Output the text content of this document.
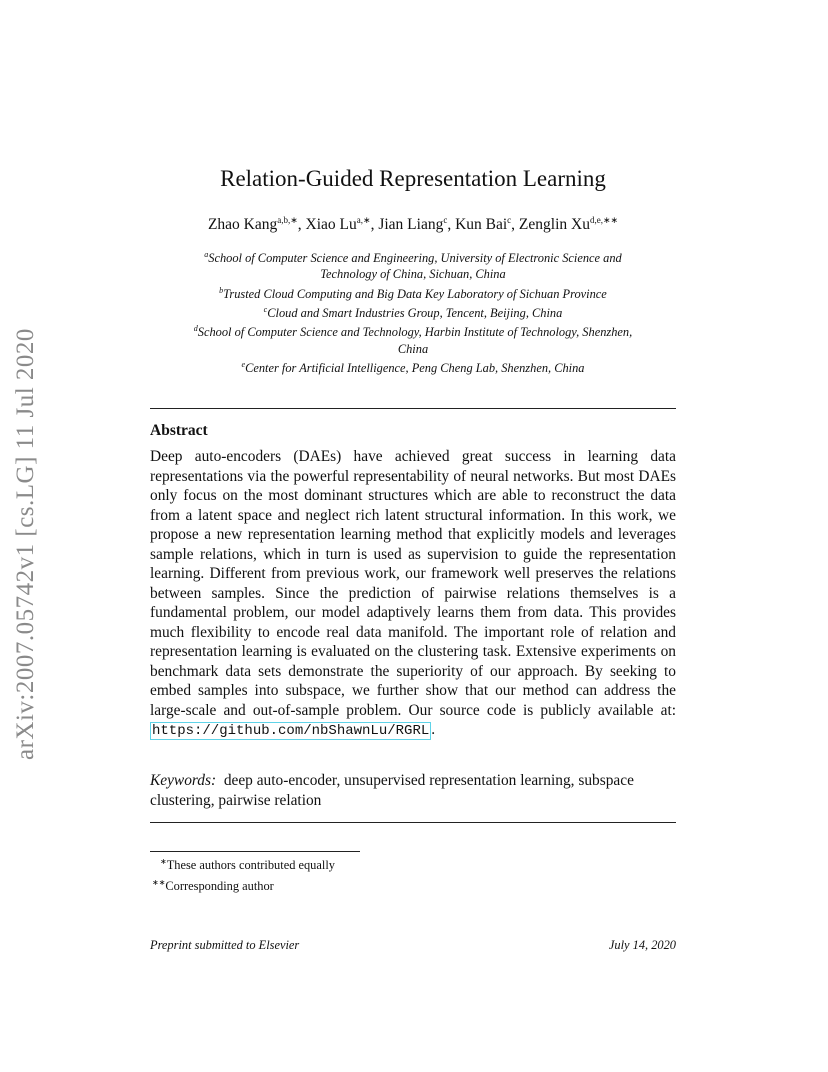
arXiv:2007.05742v1 [cs.LG] 11 Jul 2020
Relation-Guided Representation Learning
Zhao Kang$^{a,b,∗}$, Xiao $Lu^{a,∗}$, Jian Liang$^c$, Kun Bai$^c$, Zenglin $Xu^{d,e,∗∗}$
$^a$School of Computer Science and Engineering, University of Electronic Science and
Technology of China, Sichuan, China
$^b$Trusted Cloud Computing and Big Data Key Laboratory of Sichuan Province
$^c$Cloud and Smart Industries Group, Tencent, Beijing, China
$^d$School of Computer Science and Technology, Harbin Institute of Technology, Shenzhen,
China
$^e$Center for Artificial Intelligence, Peng Cheng Lab, Shenzhen, China
Abstract
Deep auto-encoders (DAEs) have achieved great success in learning data representations via the powerful representability of neural networks. But most DAEs only focus on the most dominant structures which are able to reconstruct the data from a latent space and neglect rich latent structural information. In this work, we propose a new representation learning method that explicitly models and leverages sample relations, which in turn is used as supervision to guide the representation learning. Different from previous work, our framework well preserves the relations between samples. Since the prediction of pairwise relations themselves is a fundamental problem, our model adaptively learns them from data. This provides much flexibility to encode real data manifold. The important role of relation and representation learning is evaluated on the clustering task. Extensive experiments on benchmark data sets demonstrate the superiority of our approach. By seeking to embed samples into subspace, we further show that our method can address the large-scale and out-of-sample problem. Our source code is publicly available at: https://github.com/nbShawnLu/RGRL .
Keywords: deep auto-encoder, unsupervised representation learning, subspace clustering, pairwise relation
∗These authors contributed equally
∗∗Corresponding author
Preprint submitted to Elsevier	July 14, 2020
